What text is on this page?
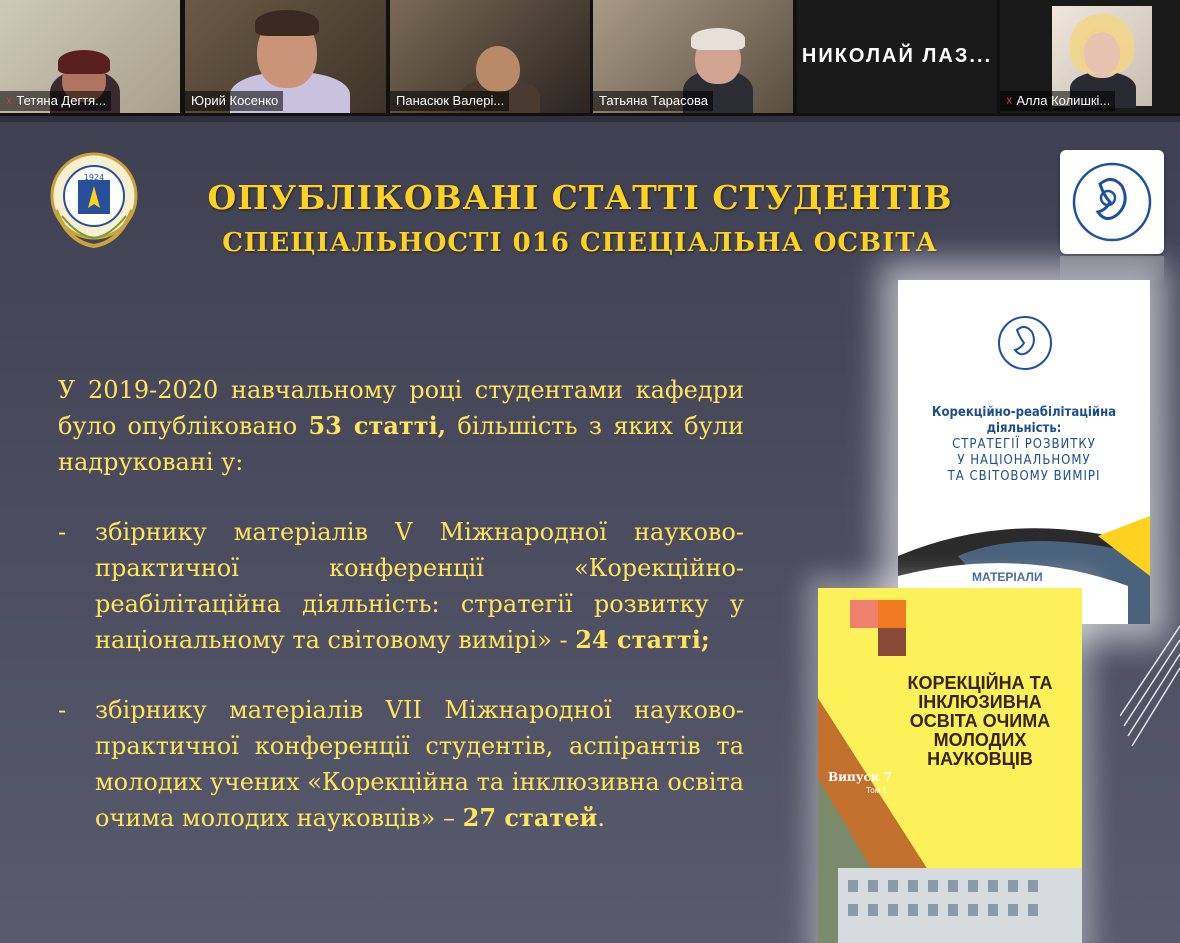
☓ Тетяна Дегтя...	Юрий Косенко	Панасюк Валері...	Татьяна Тарасова
НИКОЛАЙ ЛАЗ...
☓ Алла Колишкі...
1924
ОПУБЛІКОВАНІ СТАТТІ СТУДЕНТІВ
СПЕЦІАЛЬНОСТІ 016 СПЕЦІАЛЬНА ОСВІТА

У 2019-2020 навчальному році студентами кафедри було опубліковано 53 статті, більшість з яких були надруковані у:

- збірнику матеріалів V Міжнародної науково-практичної конференції «Корекційно-реабілітаційна діяльність: стратегії розвитку у національному та світовому вимірі» - 24 статті;
- збірнику матеріалів VII Міжнародної науково-практичної конференції студентів, аспірантів та молодих учених «Корекційна та інклюзивна освіта очима молодих науковців» – 27 статей.
Корекційно-реабілітаційна діяльність:
СТРАТЕГІЇ РОЗВИТКУ
У НАЦІОНАЛЬНОМУ
ТА СВІТОВОМУ ВИМІРІ
МАТЕРІАЛИ
КОРЕКЦІЙНА ТА ІНКЛЮЗИВНА ОСВІТА ОЧИМА МОЛОДИХ НАУКОВЦІВ
Випуск 7
Том 1
